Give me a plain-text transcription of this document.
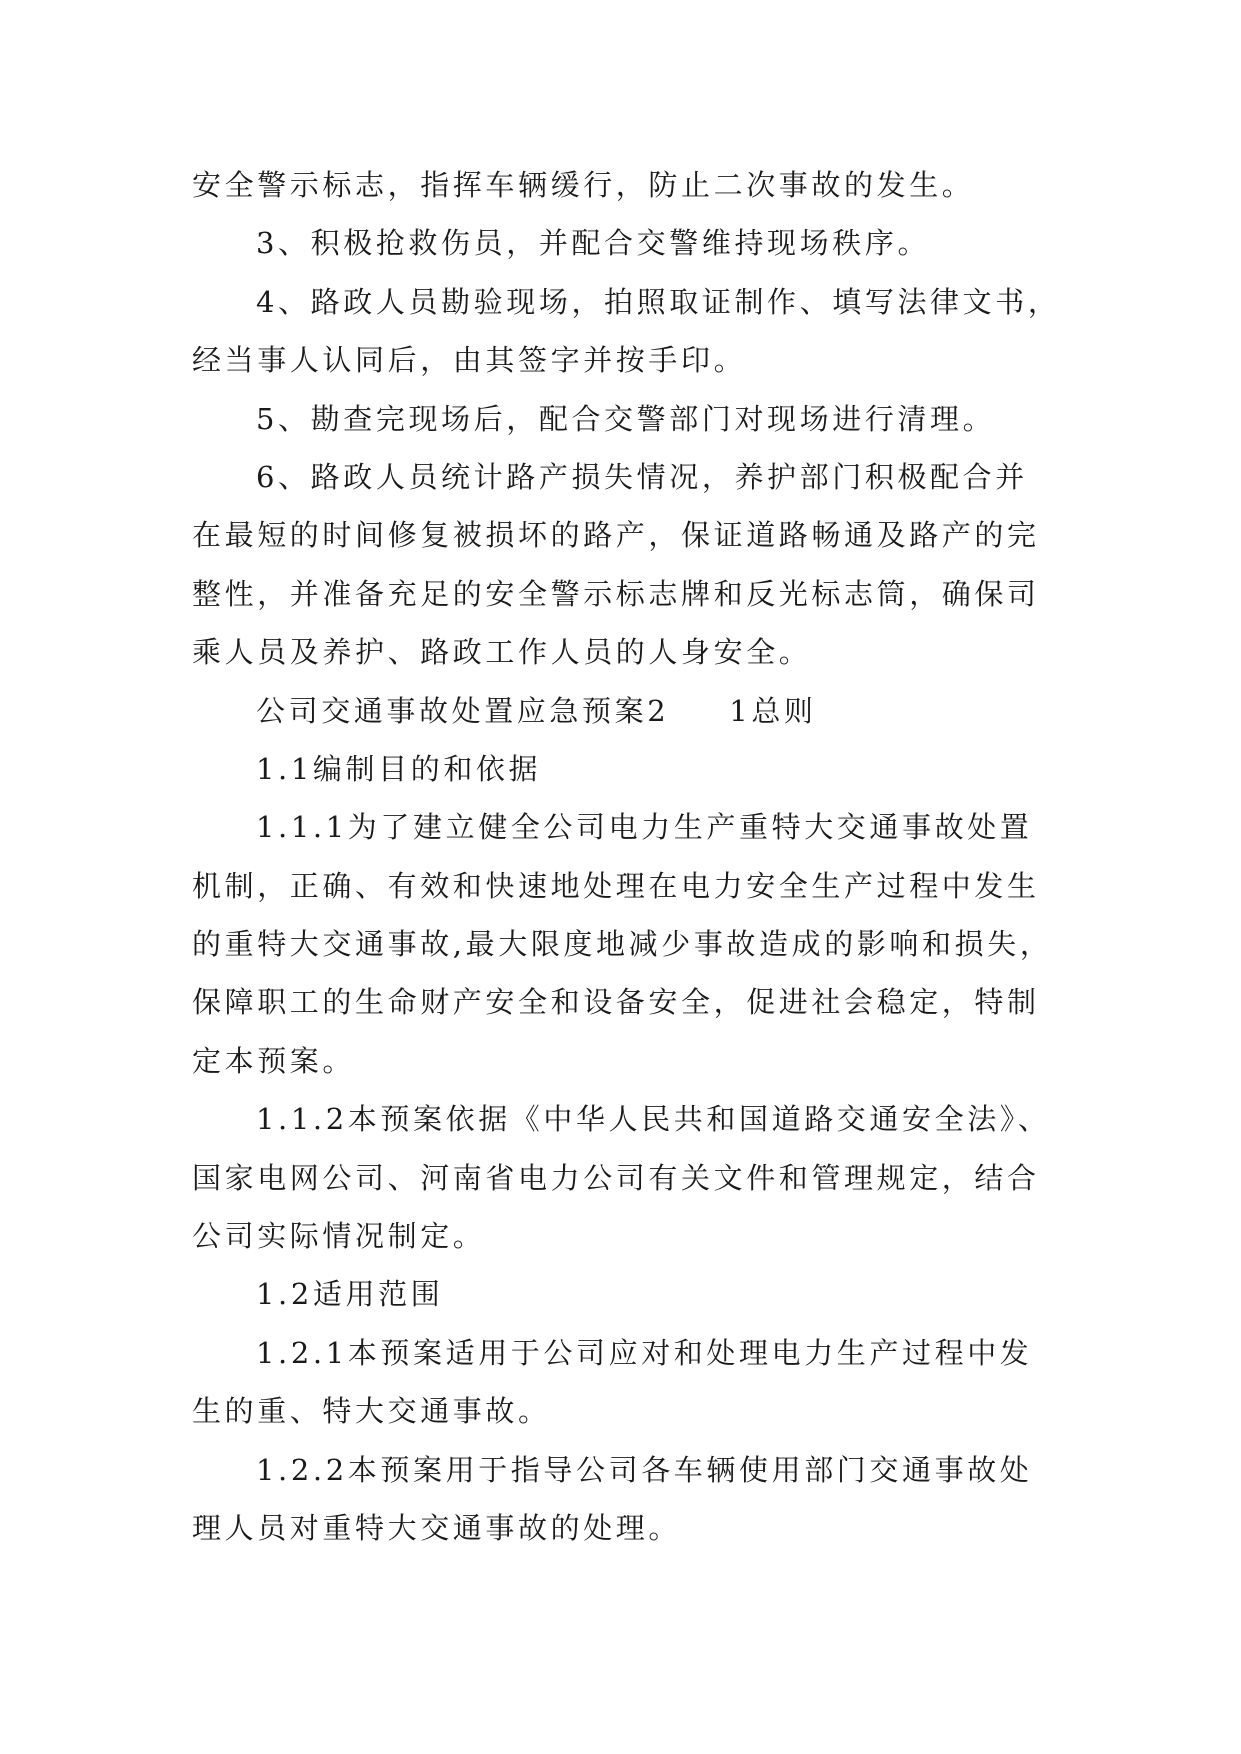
安全警示标志，指挥车辆缓行，防止二次事故的发生。
3、积极抢救伤员，并配合交警维持现场秩序。
4、路政人员勘验现场，拍照取证制作、填写法律文书，
经当事人认同后，由其签字并按手印。
5、勘查完现场后，配合交警部门对现场进行清理。
6、路政人员统计路产损失情况，养护部门积极配合并
在最短的时间修复被损坏的路产，保证道路畅通及路产的完
整性，并准备充足的安全警示标志牌和反光标志筒，确保司
乘人员及养护、路政工作人员的人身安全。
公司交通事故处置应急预案2 1总则
1.1编制目的和依据
1.1.1为了建立健全公司电力生产重特大交通事故处置
机制，正确、有效和快速地处理在电力安全生产过程中发生
的重特大交通事故,最大限度地减少事故造成的影响和损失，
保障职工的生命财产安全和设备安全，促进社会稳定，特制
定本预案。
1.1.2本预案依据《中华人民共和国道路交通安全法》、
国家电网公司、河南省电力公司有关文件和管理规定，结合
公司实际情况制定。
1.2适用范围
1.2.1本预案适用于公司应对和处理电力生产过程中发
生的重、特大交通事故。
1.2.2本预案用于指导公司各车辆使用部门交通事故处
理人员对重特大交通事故的处理。
